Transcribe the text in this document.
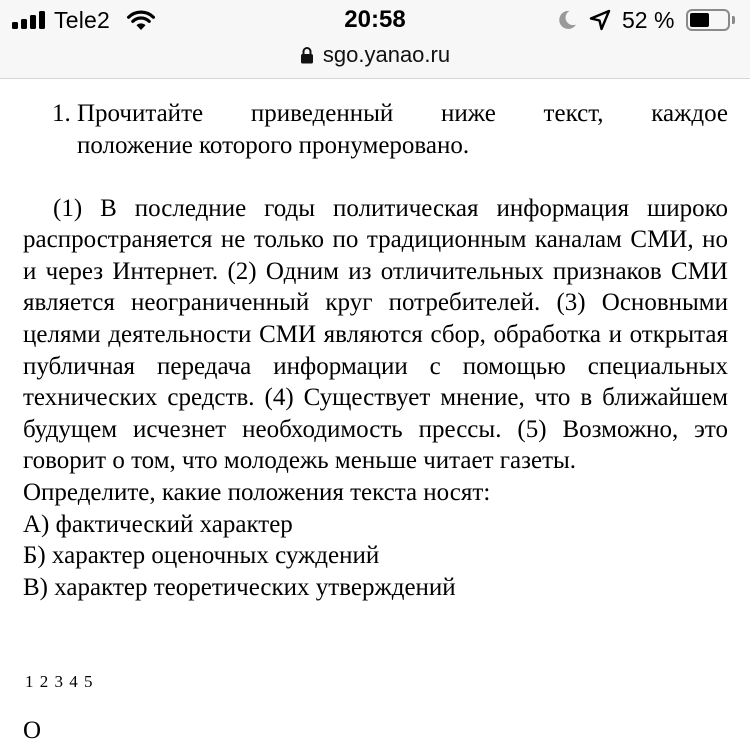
Tele2	20:58	52 %
sgo.yanao.ru
1. Прочитайте приведенный ниже текст, каждое
положение которого пронумеровано.
(1) В последние годы политическая информация широко распространяется не только по традиционным каналам СМИ, но и через Интернет. (2) Одним из отличительных признаков СМИ является неограниченный круг потребителей. (3) Основными целями деятельности СМИ являются сбор, обработка и открытая публичная передача информации с помощью специальных технических средств. (4) Существует мнение, что в ближайшем будущем исчезнет необходимость прессы. (5) Возможно, это говорит о том, что молодежь меньше читает газеты.
Определите, какие положения текста носят:
А) фактический характер
Б) характер оценочных суждений
В) характер теоретических утверждений
1 2 3 4 5
О
